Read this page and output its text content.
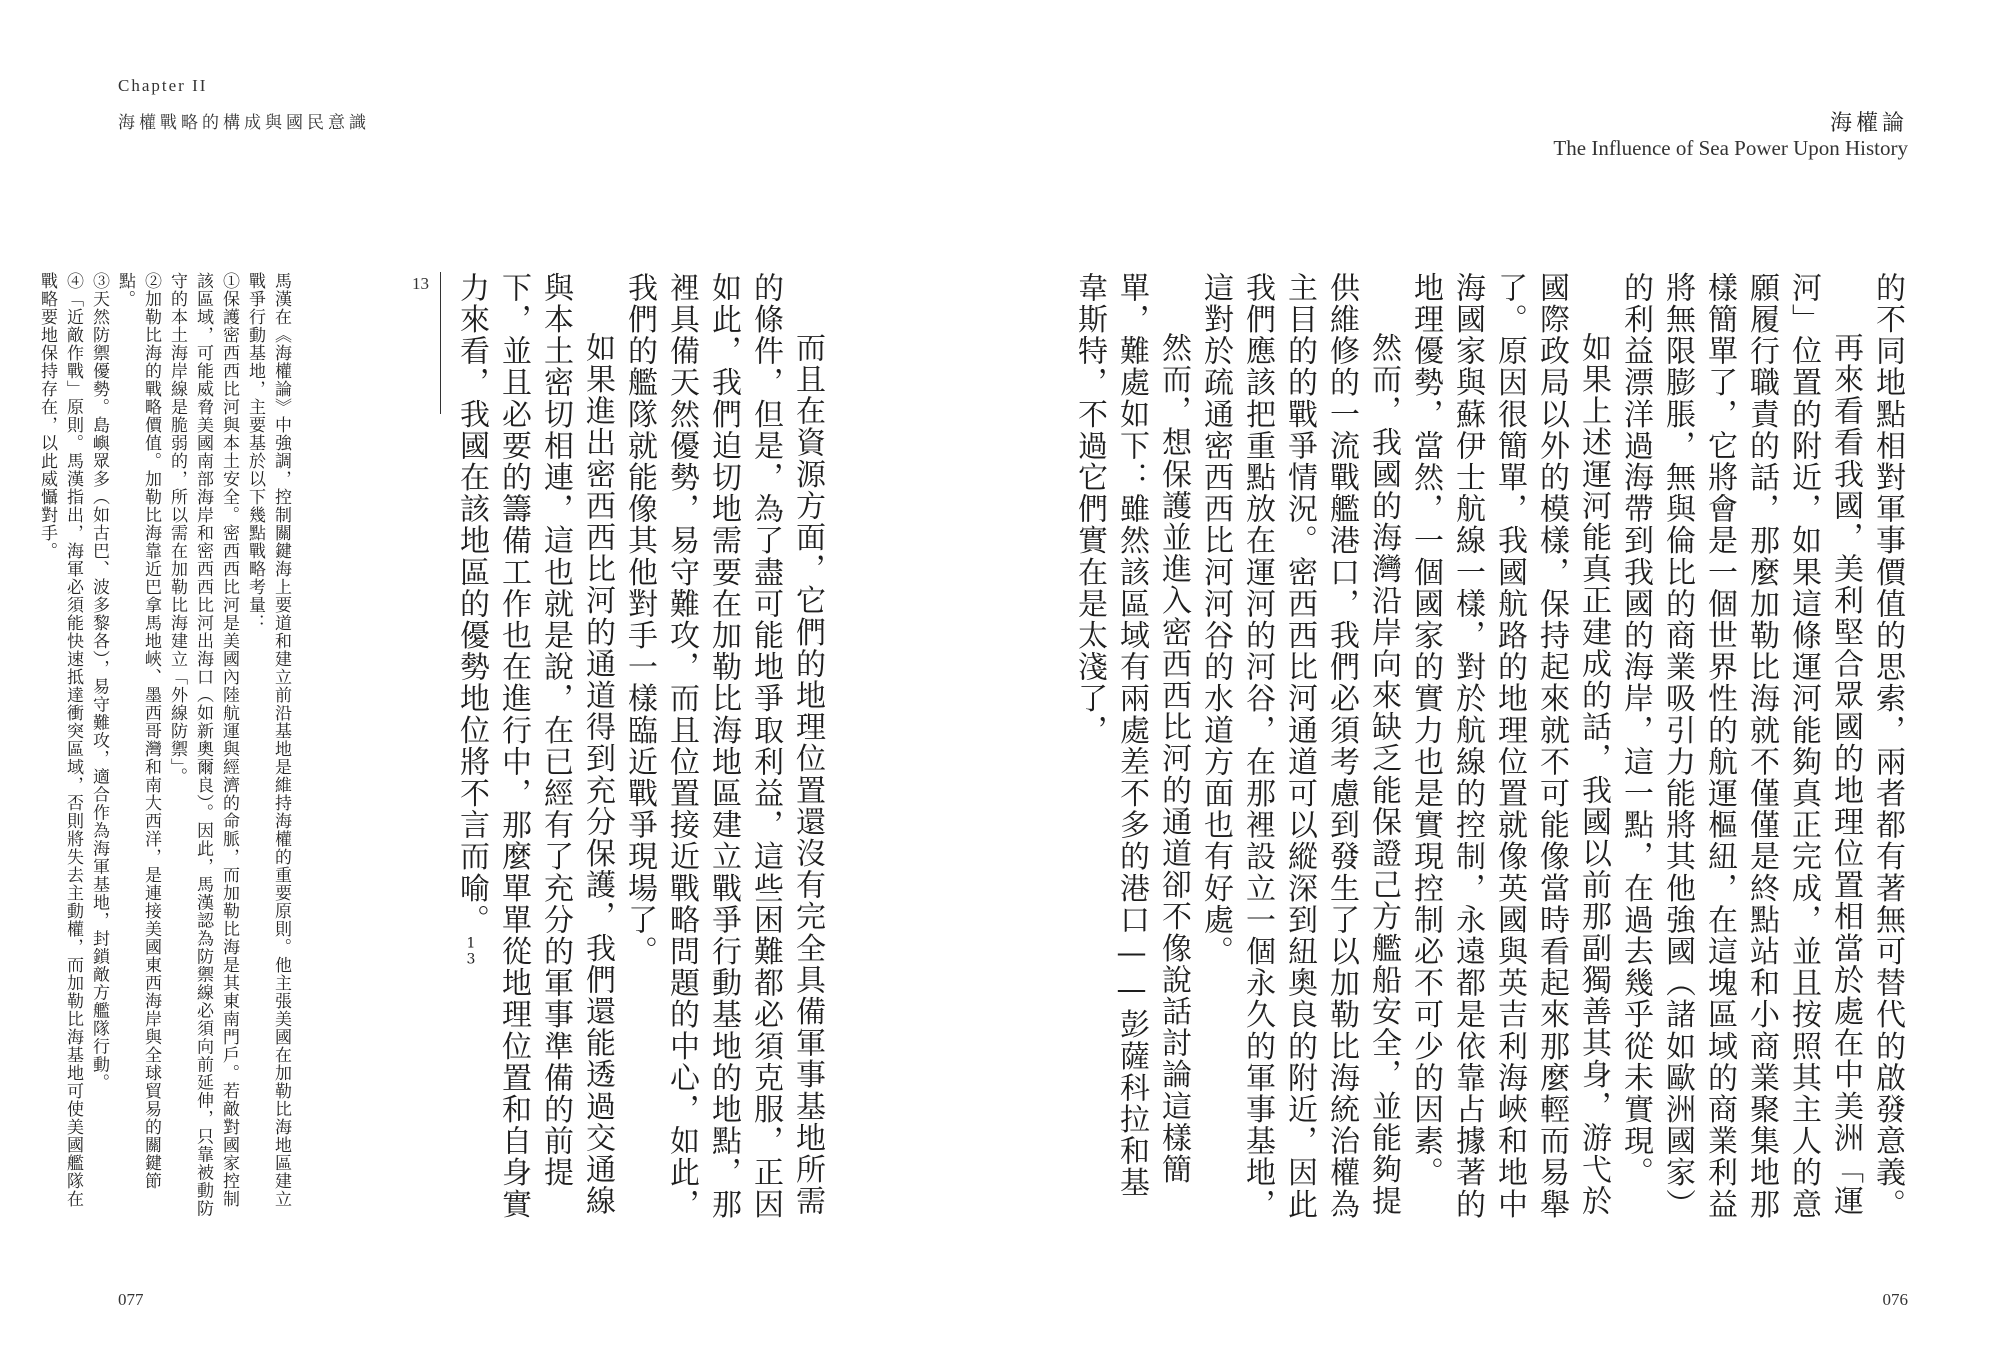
Chapter II
海權戰略的構成與國民意識

而且在資源方面，它們的地理位置還沒有完全具備軍事基地所需的條件，但是，為了盡可能地爭取利益，這些困難都必須克服，正因如此，我們迫切地需要在加勒比海地區建立戰爭行動基地的地點，那裡具備天然優勢，易守難攻，而且位置接近戰略問題的中心，如此，我們的艦隊就能像其他對手一樣臨近戰爭現場了。

如果進出密西西比河的通道得到充分保護，我們還能透過交通線與本土密切相連，這也就是說，在已經有了充分的軍事準備的前提下，並且必要的籌備工作也在進行中，那麼單單從地理位置和自身實力來看，我國在該地區的優勢地位將不言而喻。13

13

馬漢在《海權論》中強調，控制關鍵海上要道和建立前沿基地是維持海權的重要原則。他主張美國在加勒比海地區建立戰爭行動基地，主要基於以下幾點戰略考量：

①保護密西西比河與本土安全。密西西比河是美國內陸航運與經濟的命脈，而加勒比海是其東南門戶。若敵對國家控制該區域，可能威脅美國南部海岸和密西西比河出海口（如新奧爾良）。因此，馬漢認為防禦線必須向前延伸，只靠被動防守的本土海岸線是脆弱的，所以需在加勒比海建立「外線防禦」。

②加勒比海的戰略價值。加勒比海靠近巴拿馬地峽、墨西哥灣和南大西洋，是連接美國東西海岸與全球貿易的關鍵節點。

③天然防禦優勢。島嶼眾多（如古巴、波多黎各），易守難攻，適合作為海軍基地，封鎖敵方艦隊行動。

④「近敵作戰」原則。馬漢指出，海軍必須能快速抵達衝突區域，否則將失去主動權，而加勒比海基地可使美國艦隊在戰略要地保持存在，以此威懾對手。

077
海權論
The Influence of Sea Power Upon History

的不同地點相對軍事價值的思索，兩者都有著無可替代的啟發意義。

再來看看我國，美利堅合眾國的地理位置相當於處在中美洲「運河」位置的附近，如果這條運河能夠真正完成，並且按照其主人的意願履行職責的話，那麼加勒比海就不僅僅是終點站和小商業聚集地那樣簡單了，它將會是一個世界性的航運樞紐，在這塊區域的商業利益將無限膨脹，無與倫比的商業吸引力能將其他強國（諸如歐洲國家）的利益漂洋過海帶到我國的海岸，這一點，在過去幾乎從未實現。

如果上述運河能真正建成的話，我國以前那副獨善其身，游弋於國際政局以外的模樣，保持起來就不可能像當時看起來那麼輕而易舉了。原因很簡單，我國航路的地理位置就像英國與英吉利海峽和地中海國家與蘇伊士航線一樣，對於航線的控制，永遠都是依靠占據著的地理優勢，當然，一個國家的實力也是實現控制必不可少的因素。

然而，我國的海灣沿岸向來缺乏能保證己方艦船安全，並能夠提供維修的一流戰艦港口，我們必須考慮到發生了以加勒比海統治權為主目的的戰爭情況。密西西比河通道可以縱深到紐奧良的附近，因此我們應該把重點放在運河的河谷，在那裡設立一個永久的軍事基地，這對於疏通密西西比河河谷的水道方面也有好處。

然而，想保護並進入密西西比河的通道卻不像說話討論這樣簡單，難處如下：雖然該區域有兩處差不多的港口——彭薩科拉和基韋斯特，不過它們實在是太淺了，

076
